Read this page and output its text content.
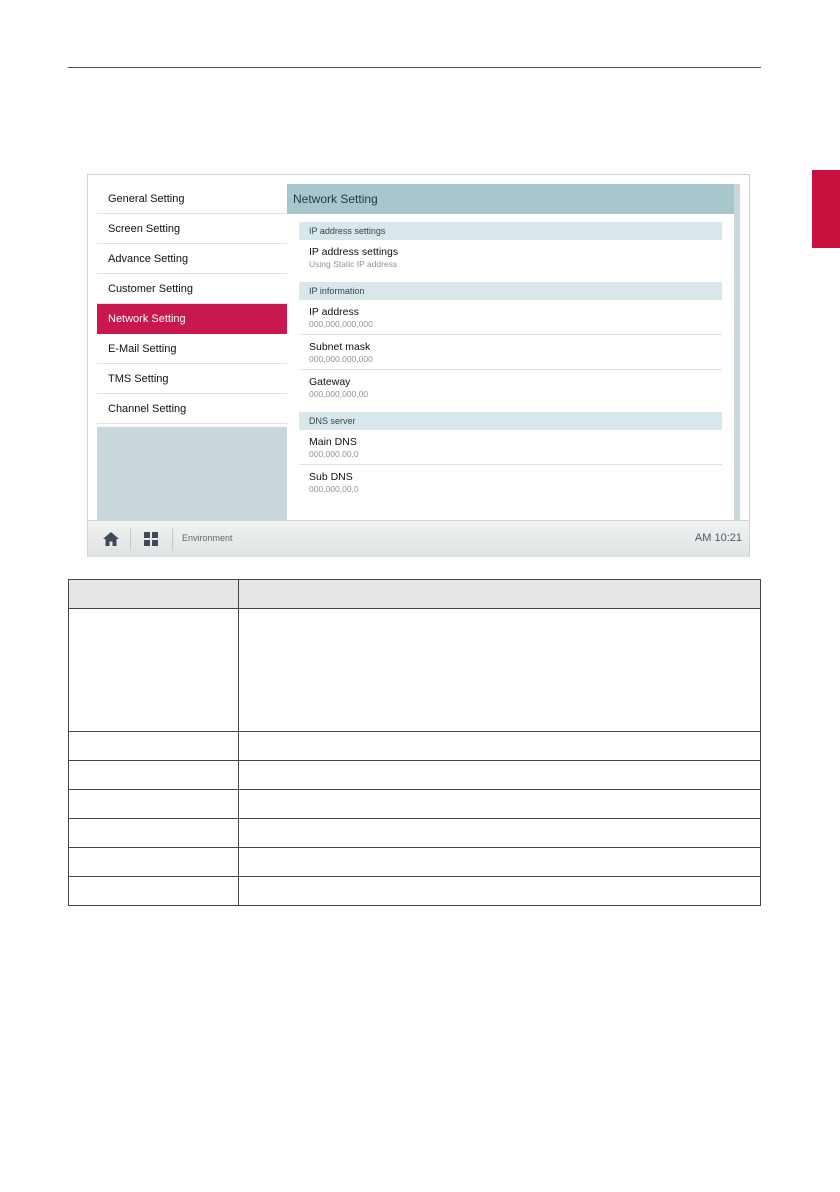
General Setting
Screen Setting
Advance Setting
Customer Setting
Network Setting
E-Mail Setting
TMS Setting
Channel Setting
Network Setting
IP address settings
IP address settings
Using Static IP address
IP information
IP address
000,000,000,000
Subnet mask
000,000,000,000
Gateway
000,000,000,00
DNS server
Main DNS
000,000,00,0
Sub DNS
000,000,00,0
Environment	AM 10:21
